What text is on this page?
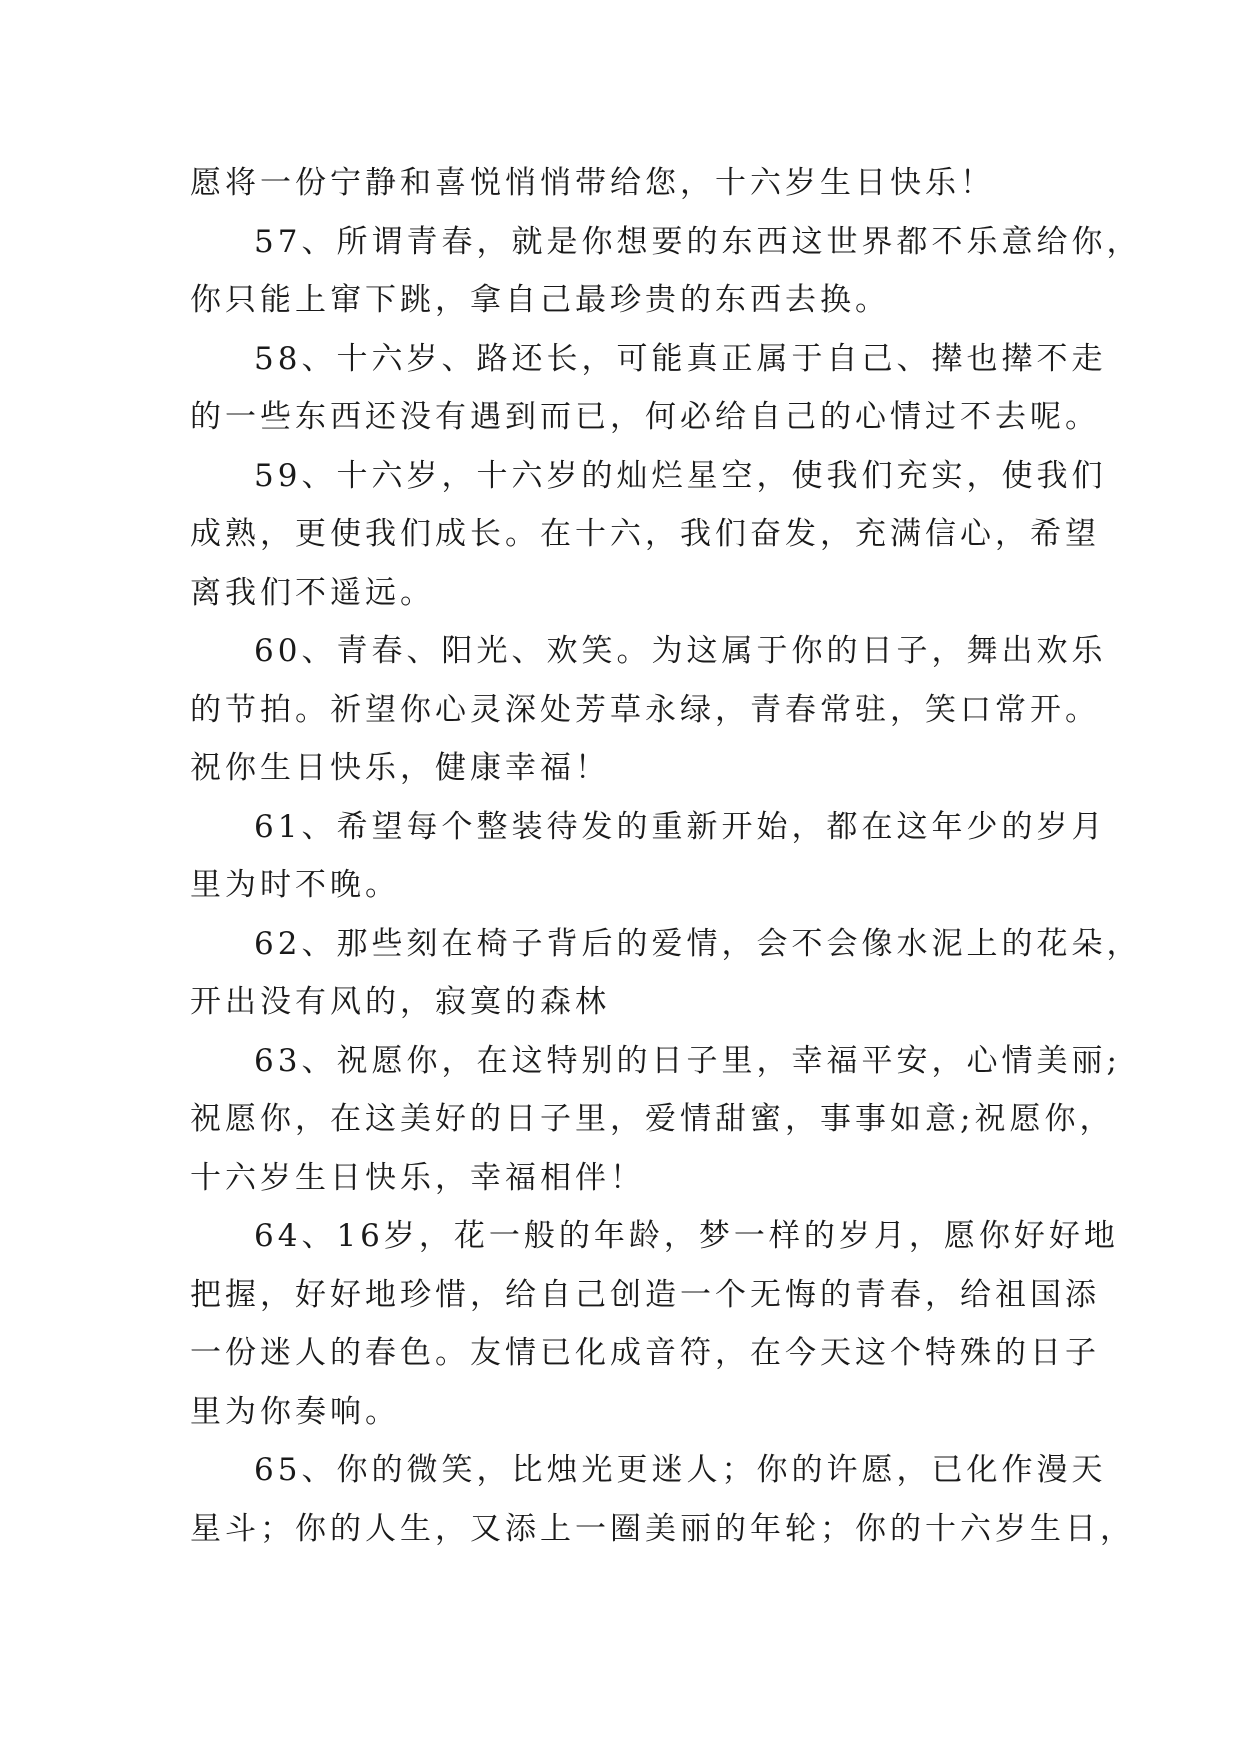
愿将一份宁静和喜悦悄悄带给您，十六岁生日快乐！
57、所谓青春，就是你想要的东西这世界都不乐意给你，
你只能上窜下跳，拿自己最珍贵的东西去换。
58、十六岁、路还长，可能真正属于自己、撵也撵不走
的一些东西还没有遇到而已，何必给自己的心情过不去呢。
59、十六岁，十六岁的灿烂星空，使我们充实，使我们
成熟，更使我们成长。在十六，我们奋发，充满信心，希望
离我们不遥远。
60、青春、阳光、欢笑。为这属于你的日子，舞出欢乐
的节拍。祈望你心灵深处芳草永绿，青春常驻，笑口常开。
祝你生日快乐，健康幸福！
61、希望每个整装待发的重新开始，都在这年少的岁月
里为时不晚。
62、那些刻在椅子背后的爱情，会不会像水泥上的花朵，
开出没有风的，寂寞的森林
63、祝愿你，在这特别的日子里，幸福平安，心情美丽;
祝愿你，在这美好的日子里，爱情甜蜜，事事如意;祝愿你，
十六岁生日快乐，幸福相伴！
64、16岁，花一般的年龄，梦一样的岁月，愿你好好地
把握，好好地珍惜，给自己创造一个无悔的青春，给祖国添
一份迷人的春色。友情已化成音符，在今天这个特殊的日子
里为你奏响。
65、你的微笑，比烛光更迷人；你的许愿，已化作漫天
星斗；你的人生，又添上一圈美丽的年轮；你的十六岁生日，
